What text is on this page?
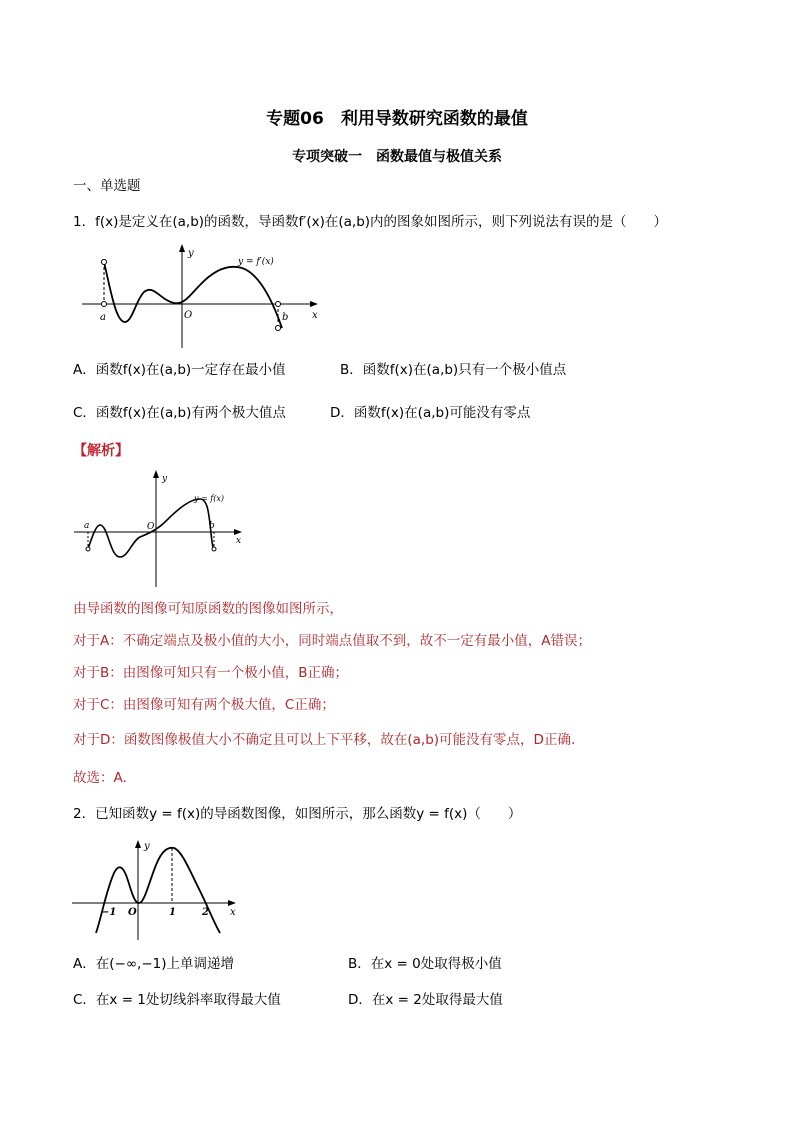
专题06　利用导数研究函数的最值
专项突破一　函数最值与极值关系
一、单选题
1．f(x)是定义在(a,b)的函数，导函数f′(x)在(a,b)内的图象如图所示，则下列说法有误的是（　　）
y = f′(x)
y
x
O
a	b
A．函数f(x)在(a,b)一定存在最小值	B．函数f(x)在(a,b)只有一个极小值点
C．函数f(x)在(a,b)有两个极大值点	D．函数f(x)在(a,b)可能没有零点
【解析】
y = f(x)
y
x
O
a	b
由导函数的图像可知原函数的图像如图所示，
对于A：不确定端点及极小值的大小，同时端点值取不到，故不一定有最小值，A错误；
对于B：由图像可知只有一个极小值，B正确；
对于C：由图像可知有两个极大值，C正确；
对于D：函数图像极值大小不确定且可以上下平移，故在(a,b)可能没有零点，D正确.
故选：A.
2．已知函数y = f(x)的导函数图像，如图所示，那么函数y = f(x)（　　）
y
x
O
−1	1	2
A．在(−∞,−1)上单调递增	B．在x = 0处取得极小值
C．在x = 1处切线斜率取得最大值	D．在x = 2处取得最大值
